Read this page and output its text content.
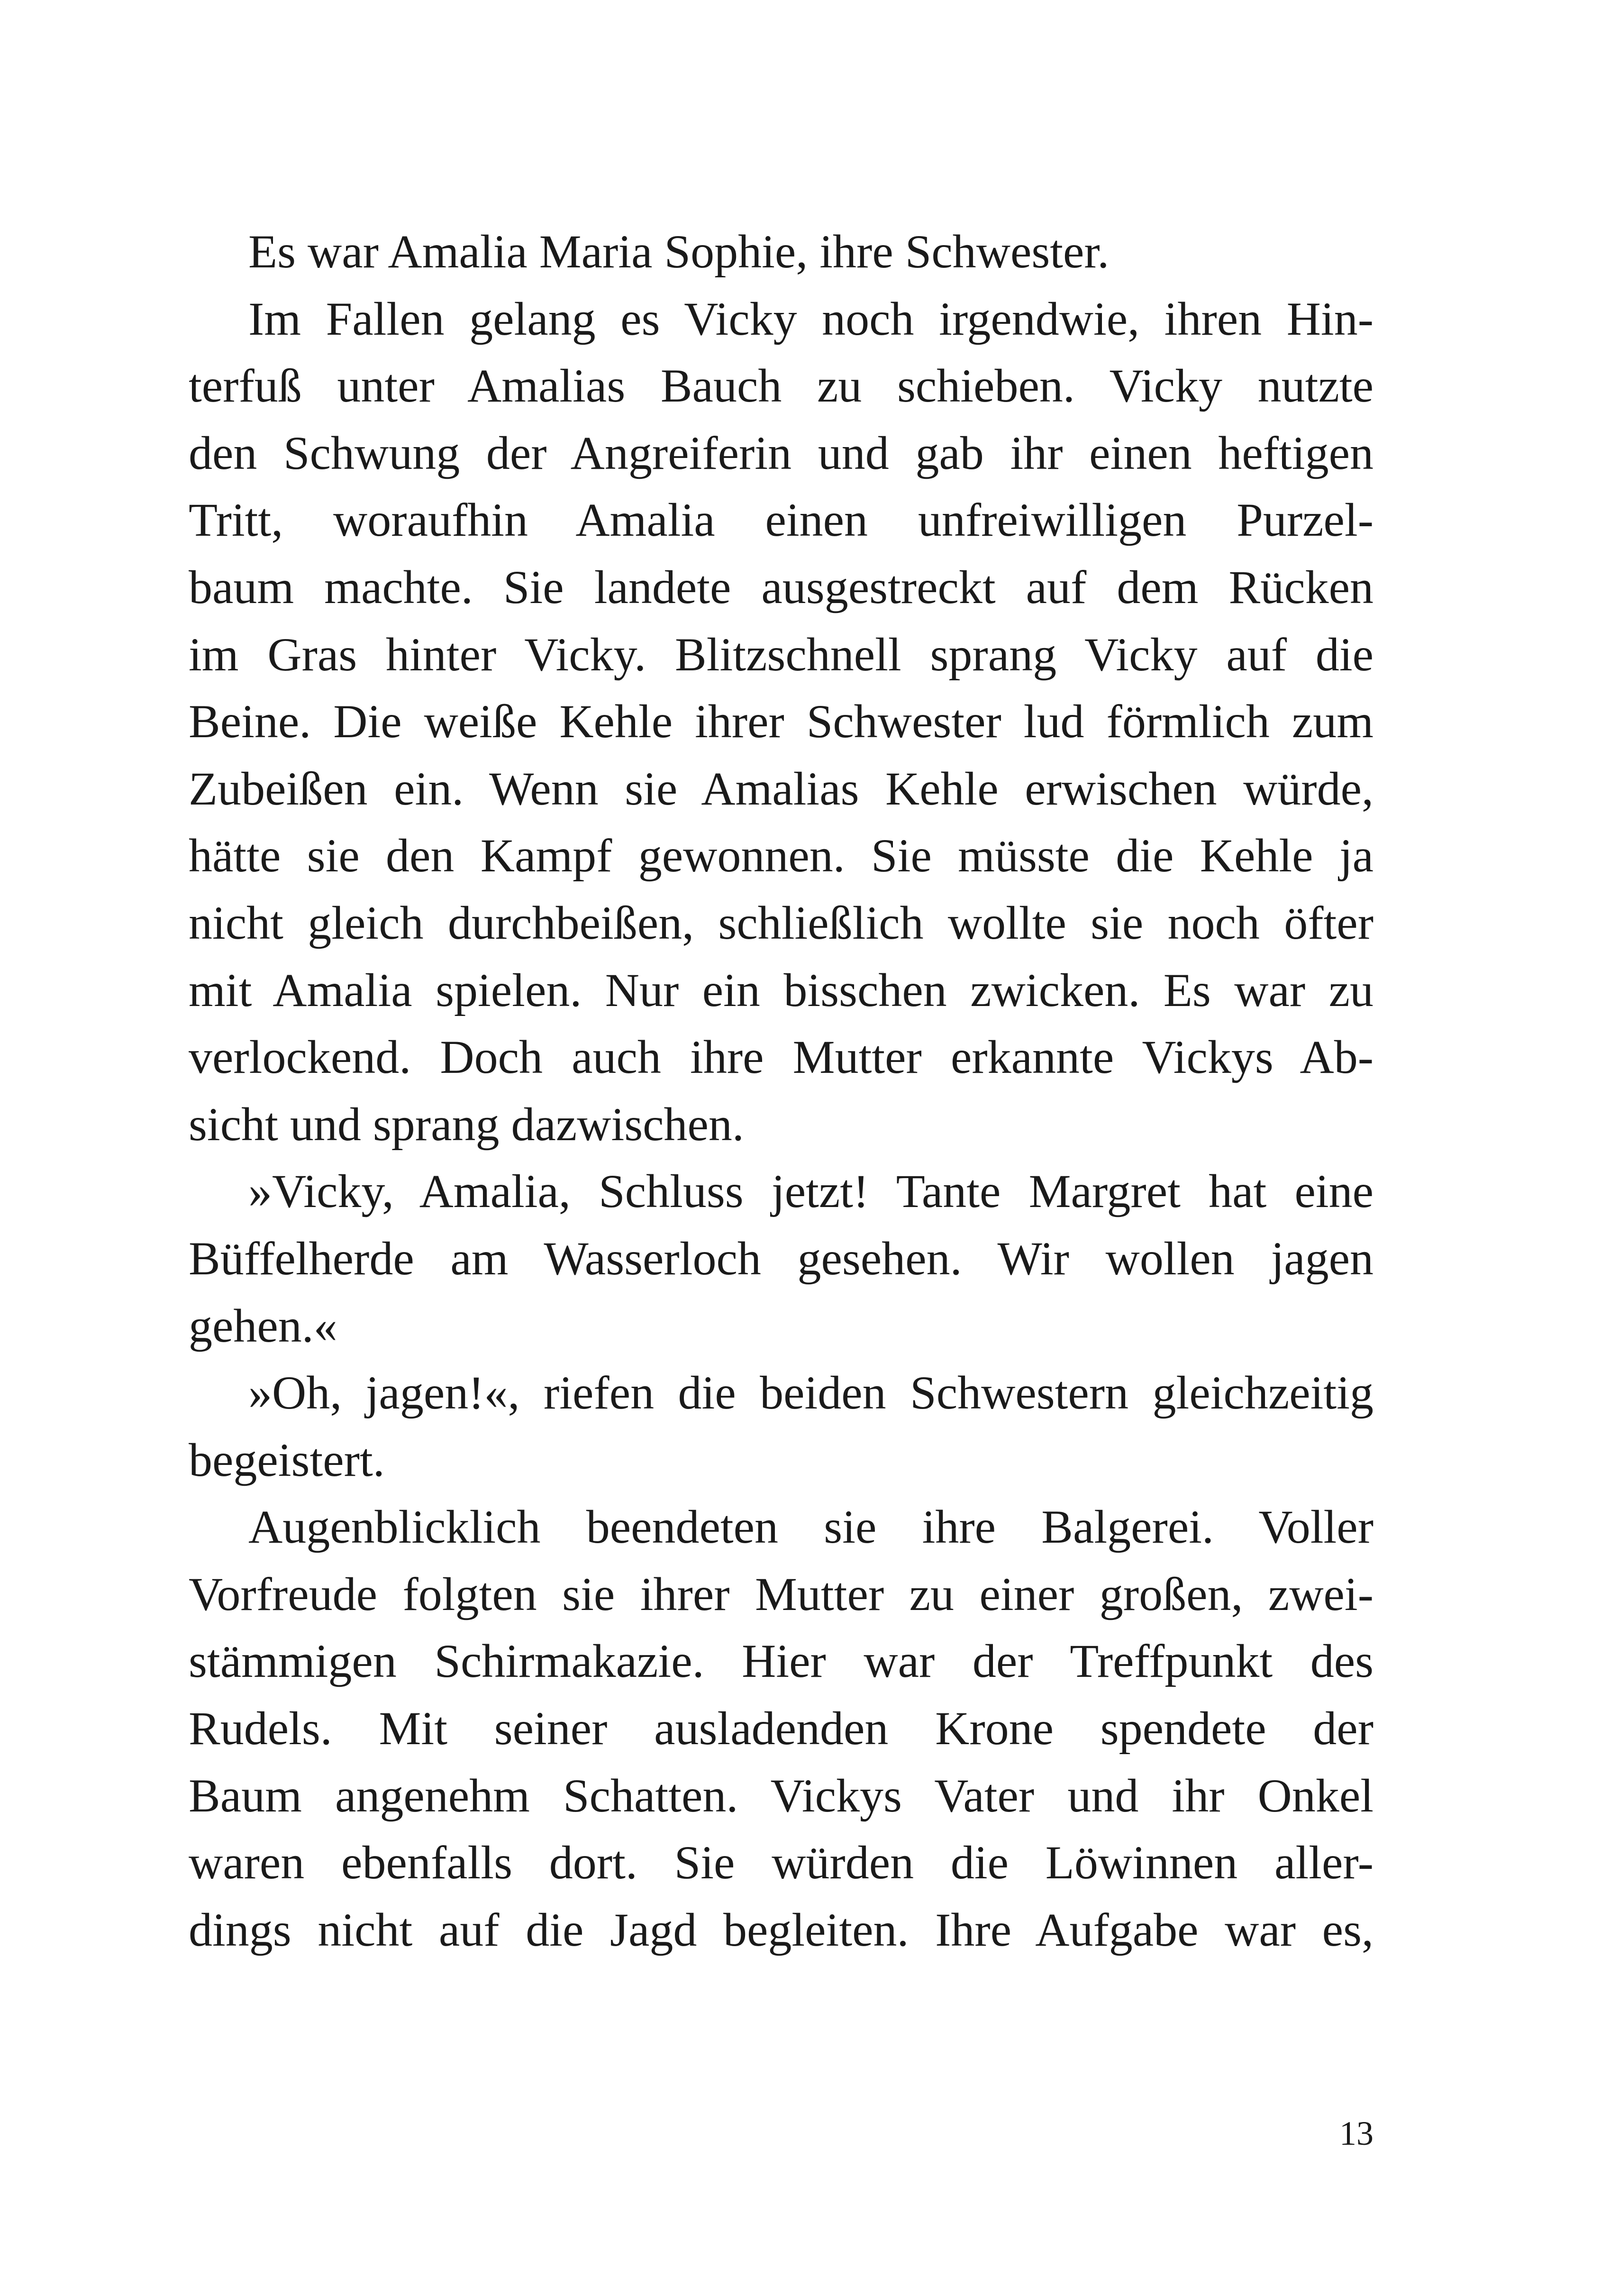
Es war Amalia Maria Sophie, ihre Schwester.
Im Fallen gelang es Vicky noch irgendwie, ihren Hin-
terfuß unter Amalias Bauch zu schieben. Vicky nutzte
den Schwung der Angreiferin und gab ihr einen heftigen
Tritt, woraufhin Amalia einen unfreiwilligen Purzel-
baum machte. Sie landete ausgestreckt auf dem Rücken
im Gras hinter Vicky. Blitzschnell sprang Vicky auf die
Beine. Die weiße Kehle ihrer Schwester lud förmlich zum
Zubeißen ein. Wenn sie Amalias Kehle erwischen würde,
hätte sie den Kampf gewonnen. Sie müsste die Kehle ja
nicht gleich durchbeißen, schließlich wollte sie noch öfter
mit Amalia spielen. Nur ein bisschen zwicken. Es war zu
verlockend. Doch auch ihre Mutter erkannte Vickys Ab-
sicht und sprang dazwischen.
»Vicky, Amalia, Schluss jetzt! Tante Margret hat eine
Büffelherde am Wasserloch gesehen. Wir wollen jagen
gehen.«
»Oh, jagen!«, riefen die beiden Schwestern gleichzeitig
begeistert.
Augenblicklich beendeten sie ihre Balgerei. Voller
Vorfreude folgten sie ihrer Mutter zu einer großen, zwei-
stämmigen Schirmakazie. Hier war der Treffpunkt des
Rudels. Mit seiner ausladenden Krone spendete der
Baum angenehm Schatten. Vickys Vater und ihr Onkel
waren ebenfalls dort. Sie würden die Löwinnen aller-
dings nicht auf die Jagd begleiten. Ihre Aufgabe war es,
13
